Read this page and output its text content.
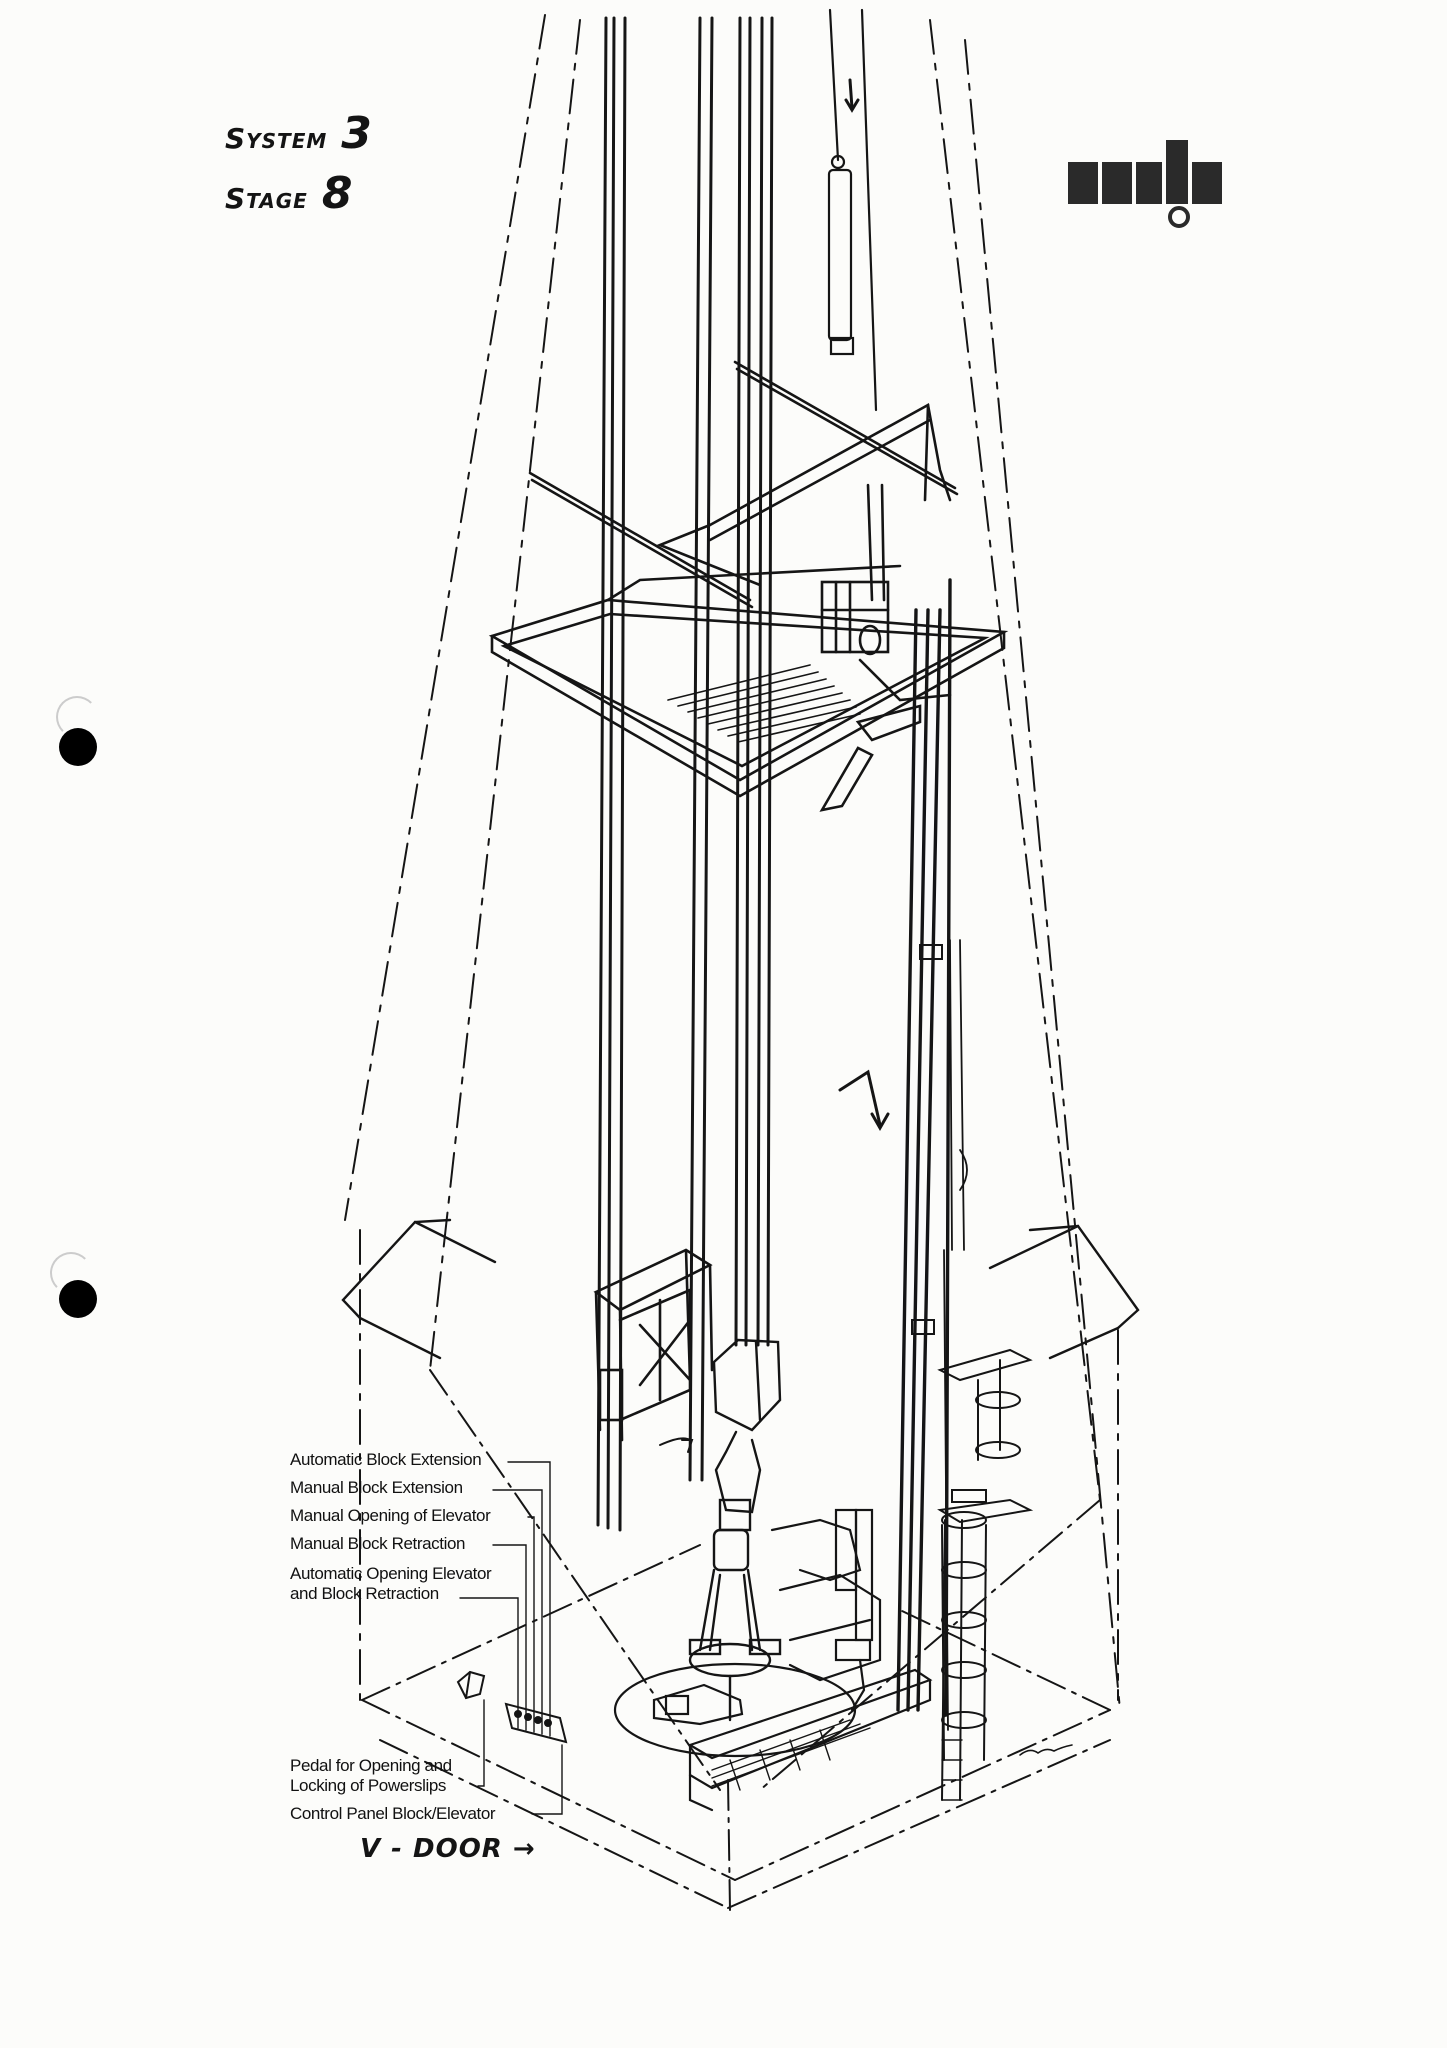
System 3
Stage 8
Automatic Block Extension
Manual Block Extension
Manual Opening of Elevator
Manual Block Retraction
Automatic Opening Elevator
and Block Retraction
Pedal for Opening and
Locking of Powerslips
Control Panel Block/Elevator
V - DOOR →
